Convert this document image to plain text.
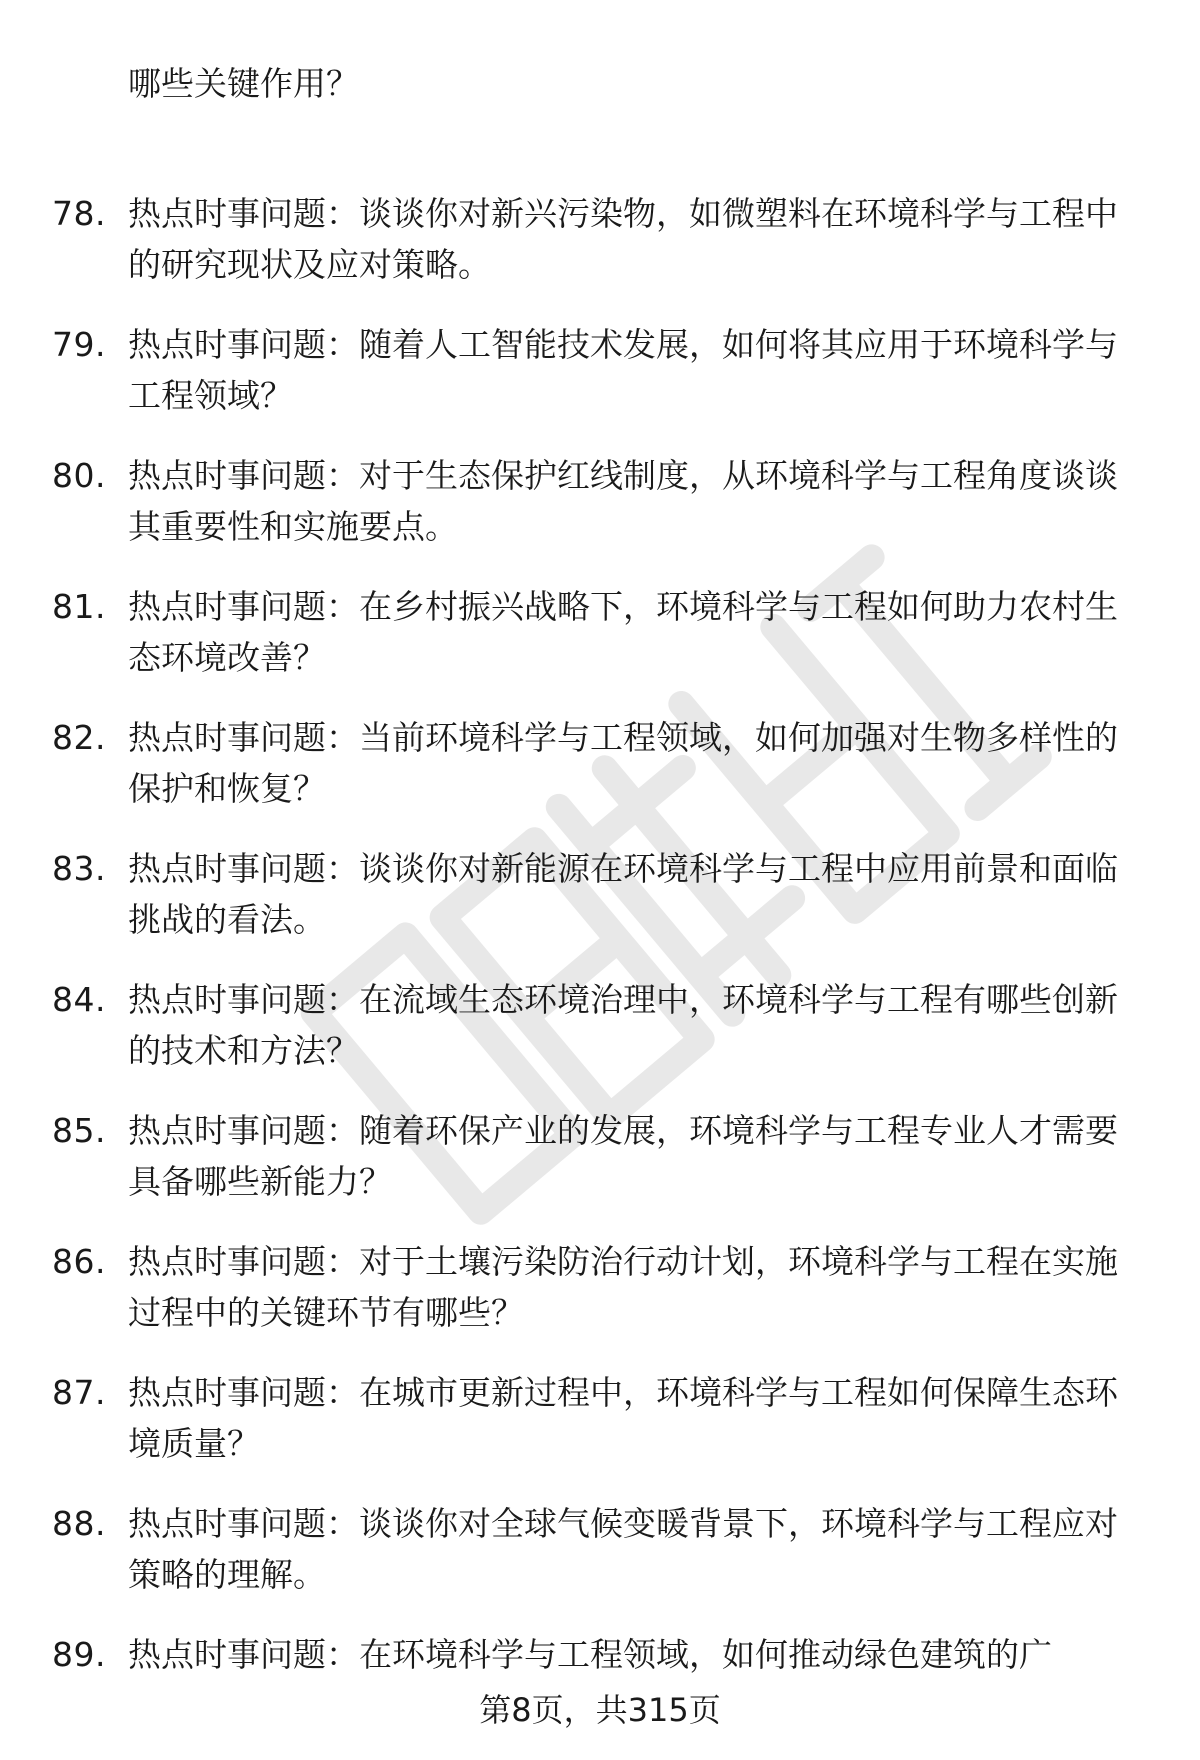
哪些关键作用？
78. 热点时事问题：谈谈你对新兴污染物，如微塑料在环境科学与工程中的研究现状及应对策略。
79. 热点时事问题：随着人工智能技术发展，如何将其应用于环境科学与工程领域？
80. 热点时事问题：对于生态保护红线制度，从环境科学与工程角度谈谈其重要性和实施要点。
81. 热点时事问题：在乡村振兴战略下，环境科学与工程如何助力农村生态环境改善？
82. 热点时事问题：当前环境科学与工程领域，如何加强对生物多样性的保护和恢复？
83. 热点时事问题：谈谈你对新能源在环境科学与工程中应用前景和面临挑战的看法。
84. 热点时事问题：在流域生态环境治理中，环境科学与工程有哪些创新的技术和方法？
85. 热点时事问题：随着环保产业的发展，环境科学与工程专业人才需要具备哪些新能力？
86. 热点时事问题：对于土壤污染防治行动计划，环境科学与工程在实施过程中的关键环节有哪些？
87. 热点时事问题：在城市更新过程中，环境科学与工程如何保障生态环境质量？
88. 热点时事问题：谈谈你对全球气候变暖背景下，环境科学与工程应对策略的理解。
89. 热点时事问题：在环境科学与工程领域，如何推动绿色建筑的广
第8页，共315页
